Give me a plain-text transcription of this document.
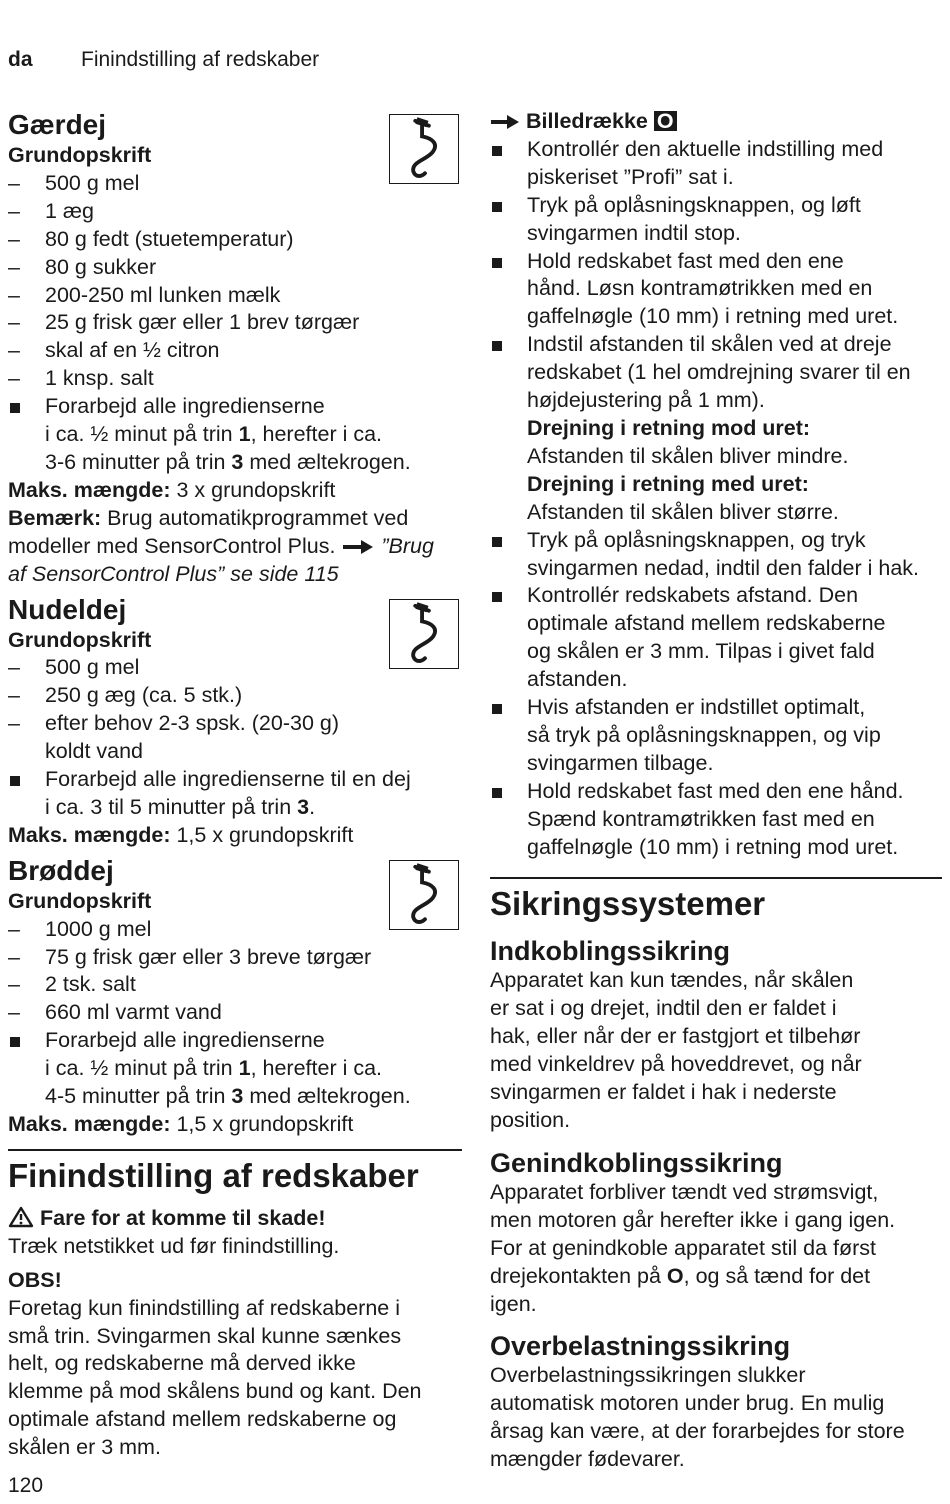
da Finindstilling af redskaber
Gærdej
Grundopskrift
– 500 g mel
– 1 æg
– 80 g fedt (stuetemperatur)
– 80 g sukker
– 200-250 ml lunken mælk
– 25 g frisk gær eller 1 brev tørgær
– skal af en ½ citron
– 1 knsp. salt
Forarbejd alle ingredienserne
i ca. ½ minut på trin 1, herefter i ca.
3-6 minutter på trin 3 med æltekrogen.
Maks. mængde: 3 x grundopskrift
Bemærk: Brug automatikprogrammet ved
modeller med SensorControl Plus.  ”Brug
af SensorControl Plus” se side 115
Nudeldej
Grundopskrift
– 500 g mel
– 250 g æg (ca. 5 stk.)
– efter behov 2-3 spsk. (20-30 g)
koldt vand
Forarbejd alle ingredienserne til en dej
i ca. 3 til 5 minutter på trin 3.
Maks. mængde: 1,5 x grundopskrift
Brøddej
Grundopskrift
– 1000 g mel
– 75 g frisk gær eller 3 breve tørgær
– 2 tsk. salt
– 660 ml varmt vand
Forarbejd alle ingredienserne
i ca. ½ minut på trin 1, herefter i ca.
4-5 minutter på trin 3 med æltekrogen.
Maks. mængde: 1,5 x grundopskrift
Finindstilling af redskaber
Fare for at komme til skade!
Træk netstikket ud før finindstilling.
OBS!
Foretag kun finindstilling af redskaberne i
små trin. Svingarmen skal kunne sænkes
helt, og redskaberne må derved ikke
klemme på mod skålens bund og kant. Den
optimale afstand mellem redskaberne og
skålen er 3 mm.
Billedrække O
Kontrollér den aktuelle indstilling med
piskeriset ”Profi” sat i.
Tryk på oplåsningsknappen, og løft
svingarmen indtil stop.
Hold redskabet fast med den ene
hånd. Løsn kontramøtrikken med en
gaffelnøgle (10 mm) i retning med uret.
Indstil afstanden til skålen ved at dreje
redskabet (1 hel omdrejning svarer til en
højdejustering på 1 mm).
Drejning i retning mod uret:
Afstanden til skålen bliver mindre.
Drejning i retning med uret:
Afstanden til skålen bliver større.
Tryk på oplåsningsknappen, og tryk
svingarmen nedad, indtil den falder i hak.
Kontrollér redskabets afstand. Den
optimale afstand mellem redskaberne
og skålen er 3 mm. Tilpas i givet fald
afstanden.
Hvis afstanden er indstillet optimalt,
så tryk på oplåsningsknappen, og vip
svingarmen tilbage.
Hold redskabet fast med den ene hånd.
Spænd kontramøtrikken fast med en
gaffelnøgle (10 mm) i retning mod uret.
Sikringssystemer
Indkoblingssikring
Apparatet kan kun tændes, når skålen
er sat i og drejet, indtil den er faldet i
hak, eller når der er fastgjort et tilbehør
med vinkeldrev på hoveddrevet, og når
svingarmen er faldet i hak i nederste
position.
Genindkoblingssikring
Apparatet forbliver tændt ved strømsvigt,
men motoren går herefter ikke i gang igen.
For at genindkoble apparatet stil da først
drejekontakten på O, og så tænd for det
igen.
Overbelastningssikring
Overbelastningssikringen slukker
automatisk motoren under brug. En mulig
årsag kan være, at der forarbejdes for store
mængder fødevarer.
120
